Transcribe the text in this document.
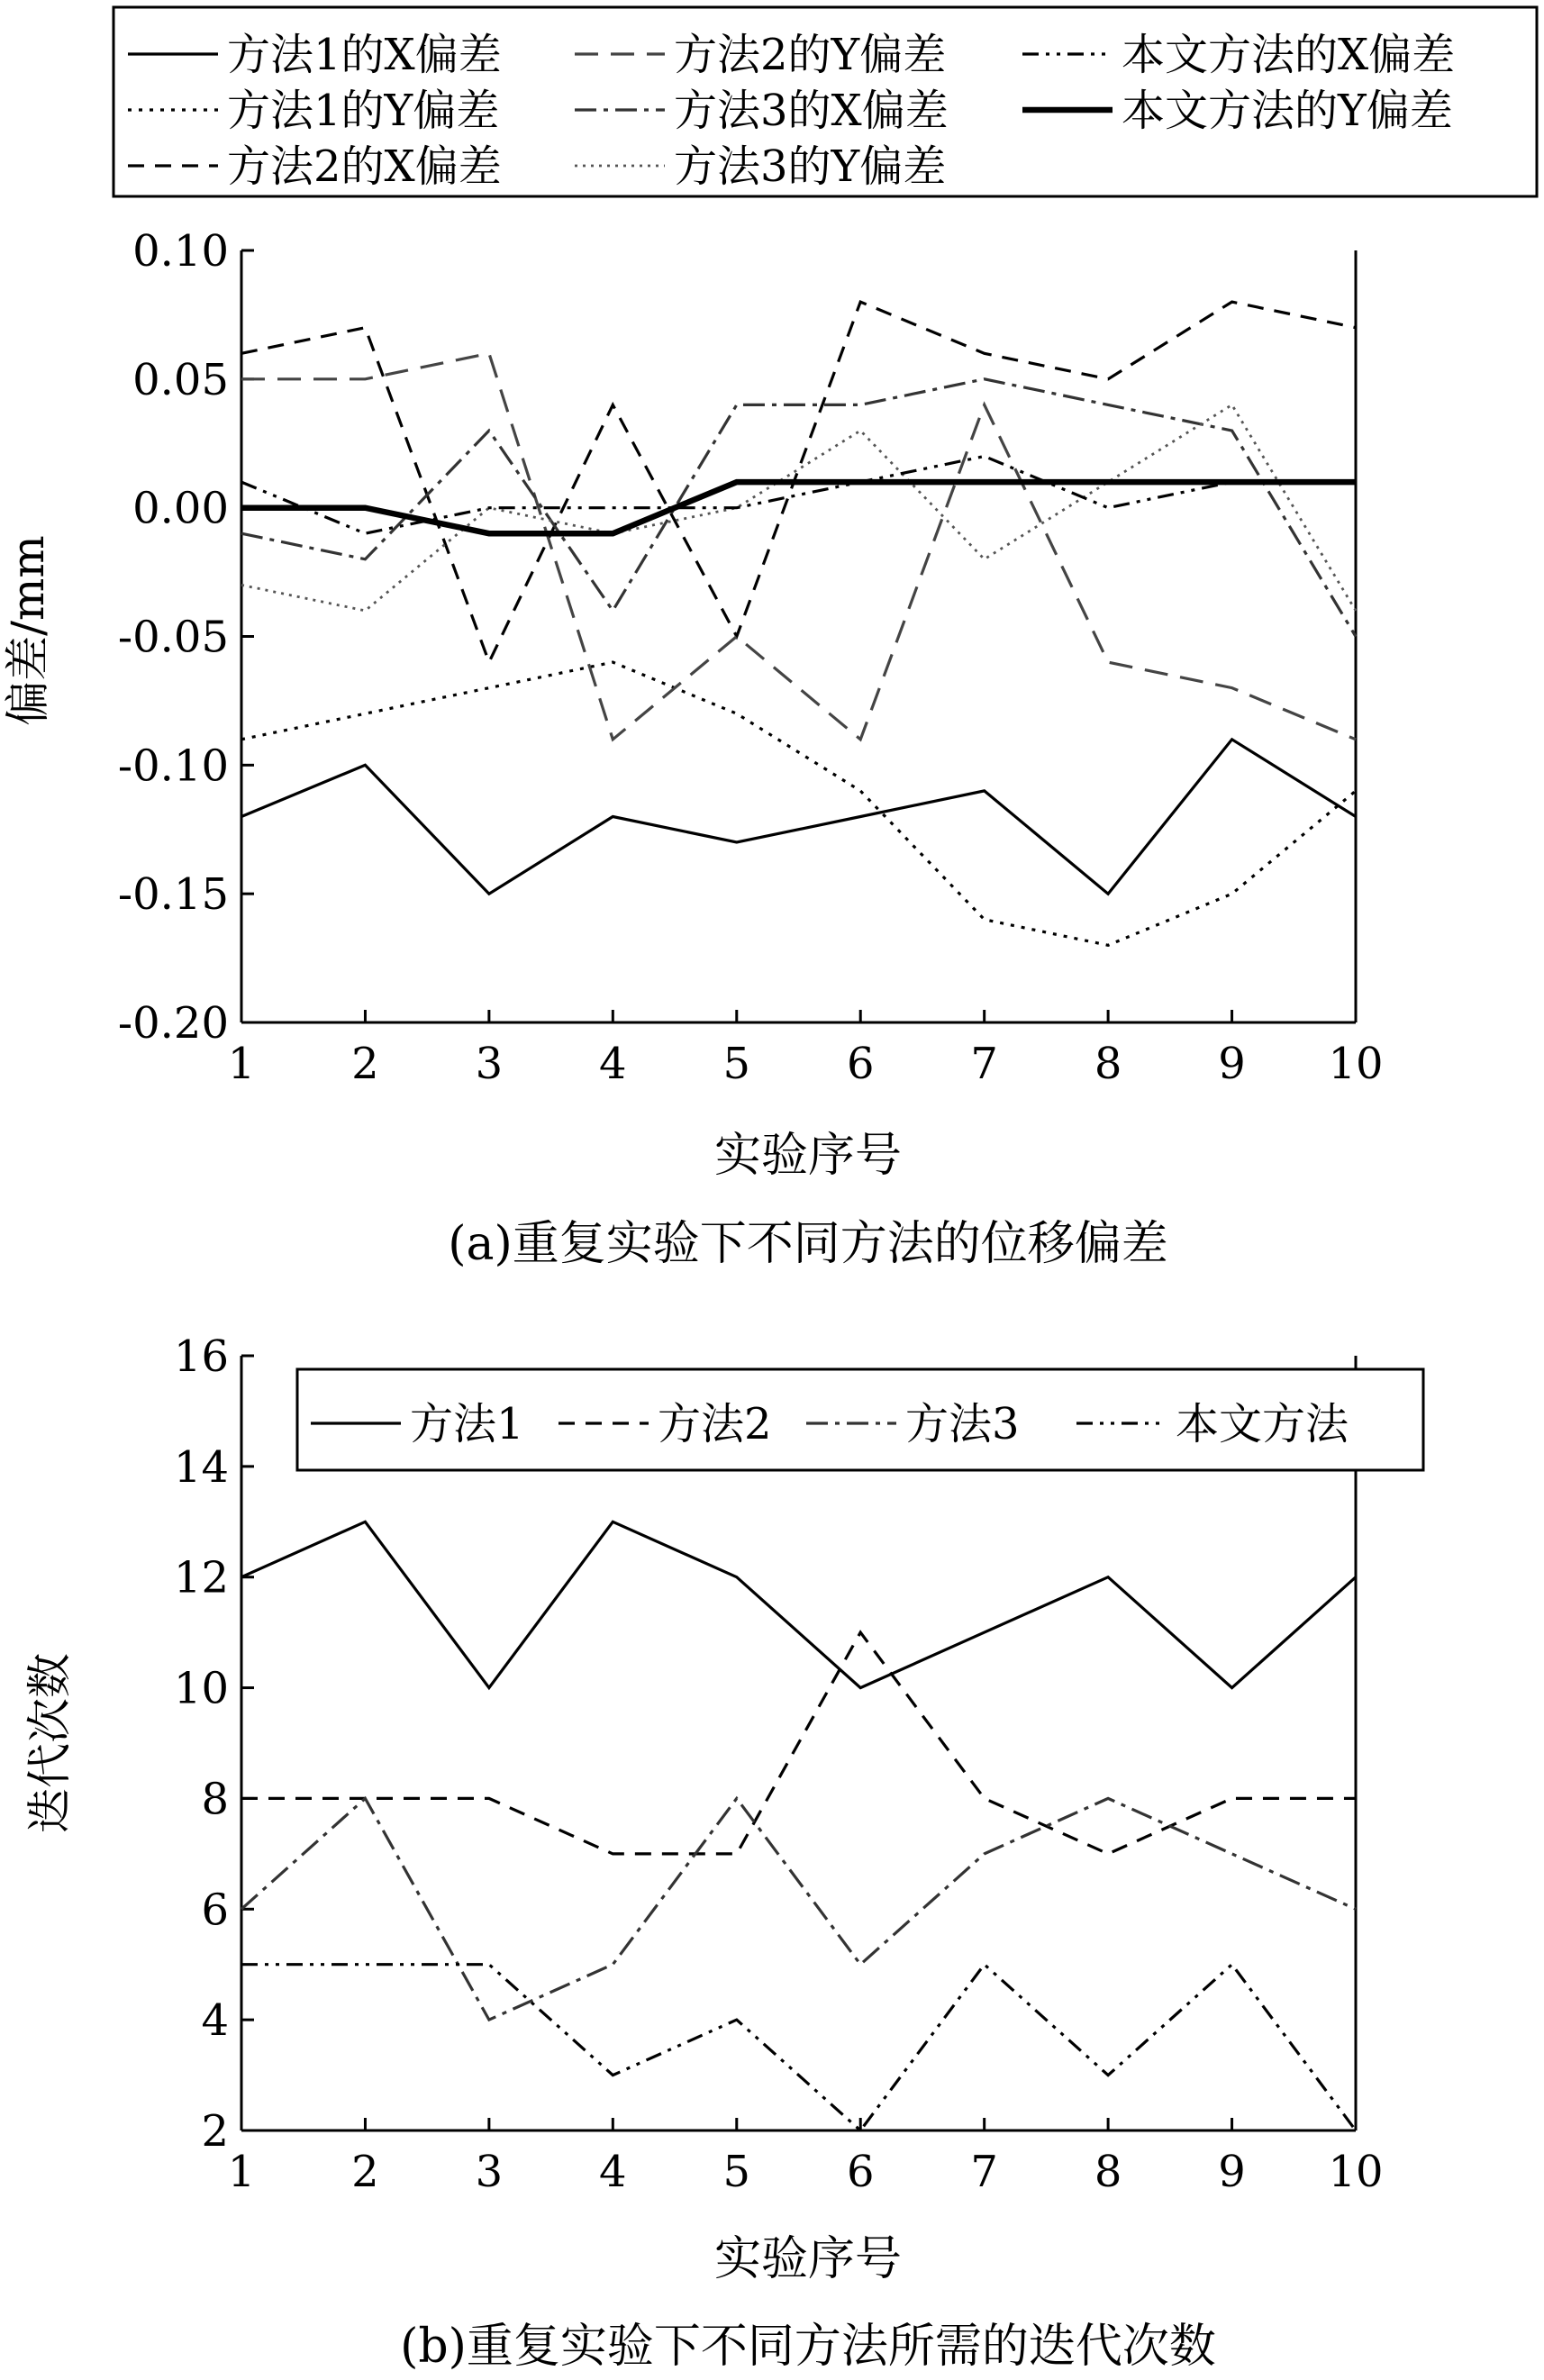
方法1的X偏差
方法1的Y偏差
方法2的X偏差
方法2的Y偏差
方法3的X偏差
方法3的Y偏差
本文方法的X偏差
本文方法的Y偏差
0.10
0.05
0.00
-0.05
-0.10
-0.15
-0.20
1 2 3 4 5 6 7 8 9 10
偏差/mm
实验序号
(a)重复实验下不同方法的位移偏差
16
14
12
10
8
6
4
2
1 2 3 4 5 6 7 8 9 10
方法1	方法2	方法3	本文方法
迭代次数
实验序号
(b)重复实验下不同方法所需的迭代次数
